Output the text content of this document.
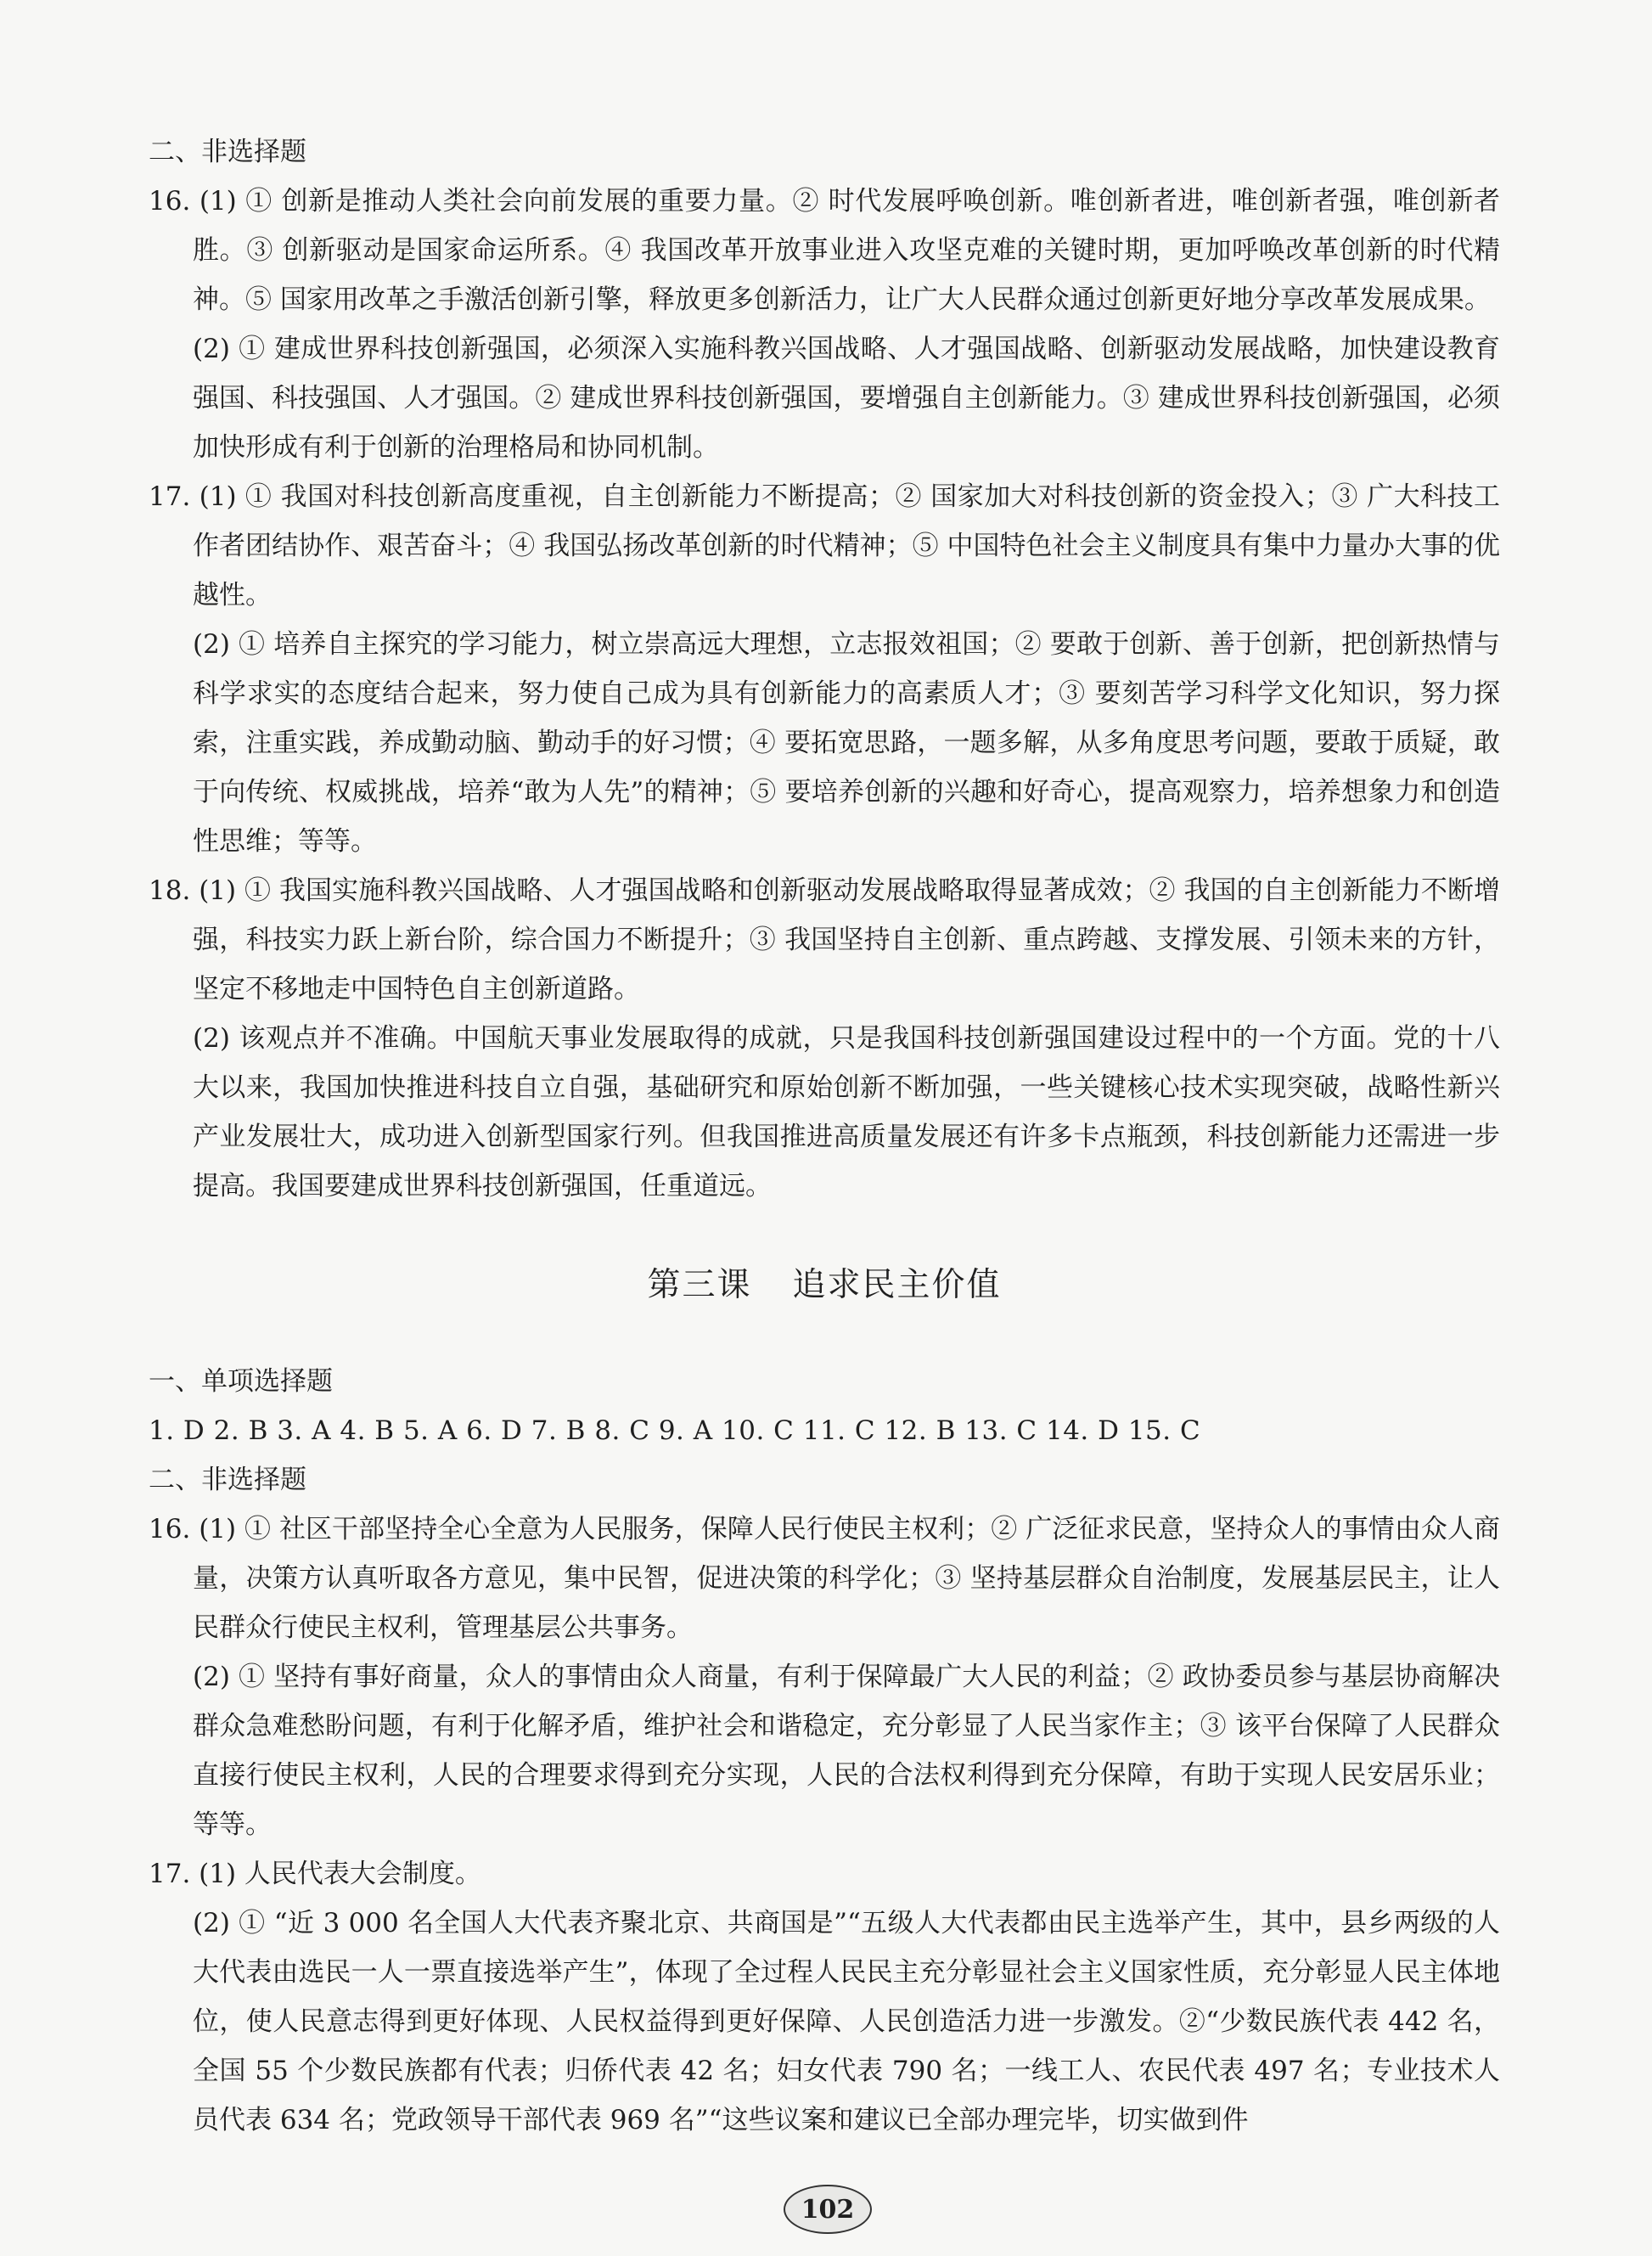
二、非选择题

16. (1) ① 创新是推动人类社会向前发展的重要力量。② 时代发展呼唤创新。唯创新者进，唯创新者强，唯创新者胜。③ 创新驱动是国家命运所系。④ 我国改革开放事业进入攻坚克难的关键时期，更加呼唤改革创新的时代精神。⑤ 国家用改革之手激活创新引擎，释放更多创新活力，让广大人民群众通过创新更好地分享改革发展成果。

(2) ① 建成世界科技创新强国，必须深入实施科教兴国战略、人才强国战略、创新驱动发展战略，加快建设教育强国、科技强国、人才强国。② 建成世界科技创新强国，要增强自主创新能力。③ 建成世界科技创新强国，必须加快形成有利于创新的治理格局和协同机制。

17. (1) ① 我国对科技创新高度重视，自主创新能力不断提高；② 国家加大对科技创新的资金投入；③ 广大科技工作者团结协作、艰苦奋斗；④ 我国弘扬改革创新的时代精神；⑤ 中国特色社会主义制度具有集中力量办大事的优越性。

(2) ① 培养自主探究的学习能力，树立崇高远大理想，立志报效祖国；② 要敢于创新、善于创新，把创新热情与科学求实的态度结合起来，努力使自己成为具有创新能力的高素质人才；③ 要刻苦学习科学文化知识，努力探索，注重实践，养成勤动脑、勤动手的好习惯；④ 要拓宽思路，一题多解，从多角度思考问题，要敢于质疑，敢于向传统、权威挑战，培养“敢为人先”的精神；⑤ 要培养创新的兴趣和好奇心，提高观察力，培养想象力和创造性思维；等等。

18. (1) ① 我国实施科教兴国战略、人才强国战略和创新驱动发展战略取得显著成效；② 我国的自主创新能力不断增强，科技实力跃上新台阶，综合国力不断提升；③ 我国坚持自主创新、重点跨越、支撑发展、引领未来的方针，坚定不移地走中国特色自主创新道路。

(2) 该观点并不准确。中国航天事业发展取得的成就，只是我国科技创新强国建设过程中的一个方面。党的十八大以来，我国加快推进科技自立自强，基础研究和原始创新不断加强，一些关键核心技术实现突破，战略性新兴产业发展壮大，成功进入创新型国家行列。但我国推进高质量发展还有许多卡点瓶颈，科技创新能力还需进一步提高。我国要建成世界科技创新强国，任重道远。

第三课 追求民主价值

一、单项选择题

1. D 2. B 3. A 4. B 5. A 6. D 7. B 8. C 9. A 10. C 11. C 12. B 13. C 14. D 15. C

二、非选择题

16. (1) ① 社区干部坚持全心全意为人民服务，保障人民行使民主权利；② 广泛征求民意，坚持众人的事情由众人商量，决策方认真听取各方意见，集中民智，促进决策的科学化；③ 坚持基层群众自治制度，发展基层民主，让人民群众行使民主权利，管理基层公共事务。

(2) ① 坚持有事好商量，众人的事情由众人商量，有利于保障最广大人民的利益；② 政协委员参与基层协商解决群众急难愁盼问题，有利于化解矛盾，维护社会和谐稳定，充分彰显了人民当家作主；③ 该平台保障了人民群众直接行使民主权利，人民的合理要求得到充分实现，人民的合法权利得到充分保障，有助于实现人民安居乐业；等等。

17. (1) 人民代表大会制度。

(2) ① “近 3 000 名全国人大代表齐聚北京、共商国是”“五级人大代表都由民主选举产生，其中，县乡两级的人大代表由选民一人一票直接选举产生”，体现了全过程人民民主充分彰显社会主义国家性质，充分彰显人民主体地位，使人民意志得到更好体现、人民权益得到更好保障、人民创造活力进一步激发。②“少数民族代表 442 名，全国 55 个少数民族都有代表；归侨代表 42 名；妇女代表 790 名；一线工人、农民代表 497 名；专业技术人员代表 634 名；党政领导干部代表 969 名”“这些议案和建议已全部办理完毕，切实做到件

102
